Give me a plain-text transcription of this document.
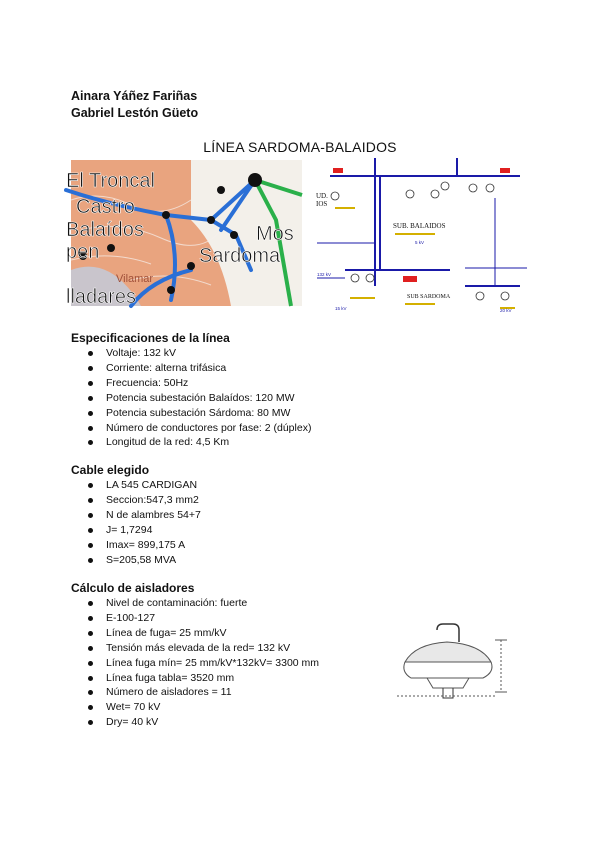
Ainara Yáñez Fariñas
Gabriel Lestón Güeto
LÍNEA SARDOMA-BALAIDOS
El Troncal
Castro
Balaídos
pen
Mos
Sardoma
lladares
Vilamar
UD.
IOS
SUB. BALAIDOS
SUB SARDOMA
132 kV
15 kV	20 kV
5 kV
Especificaciones de la línea
Voltaje: 132 kV
Corriente: alterna trifásica
Frecuencia: 50Hz
Potencia subestación Balaídos: 120 MW
Potencia subestación Sárdoma: 80 MW
Número de conductores por fase: 2 (dúplex)
Longitud de la red: 4,5 Km
Cable elegido
LA 545 CARDIGAN
Seccion:547,3 mm2
N de alambres 54+7
J= 1,7294
Imax= 899,175 A
S=205,58 MVA
Cálculo de aisladores
Nivel de contaminación: fuerte
E-100-127
Línea de fuga= 25 mm/kV
Tensión más elevada de la red= 132 kV
Línea fuga mín= 25 mm/kV*132kV= 3300 mm
Línea fuga tabla= 3520 mm
Número de aisladores = 11
Wet= 70 kV
Dry= 40 kV
